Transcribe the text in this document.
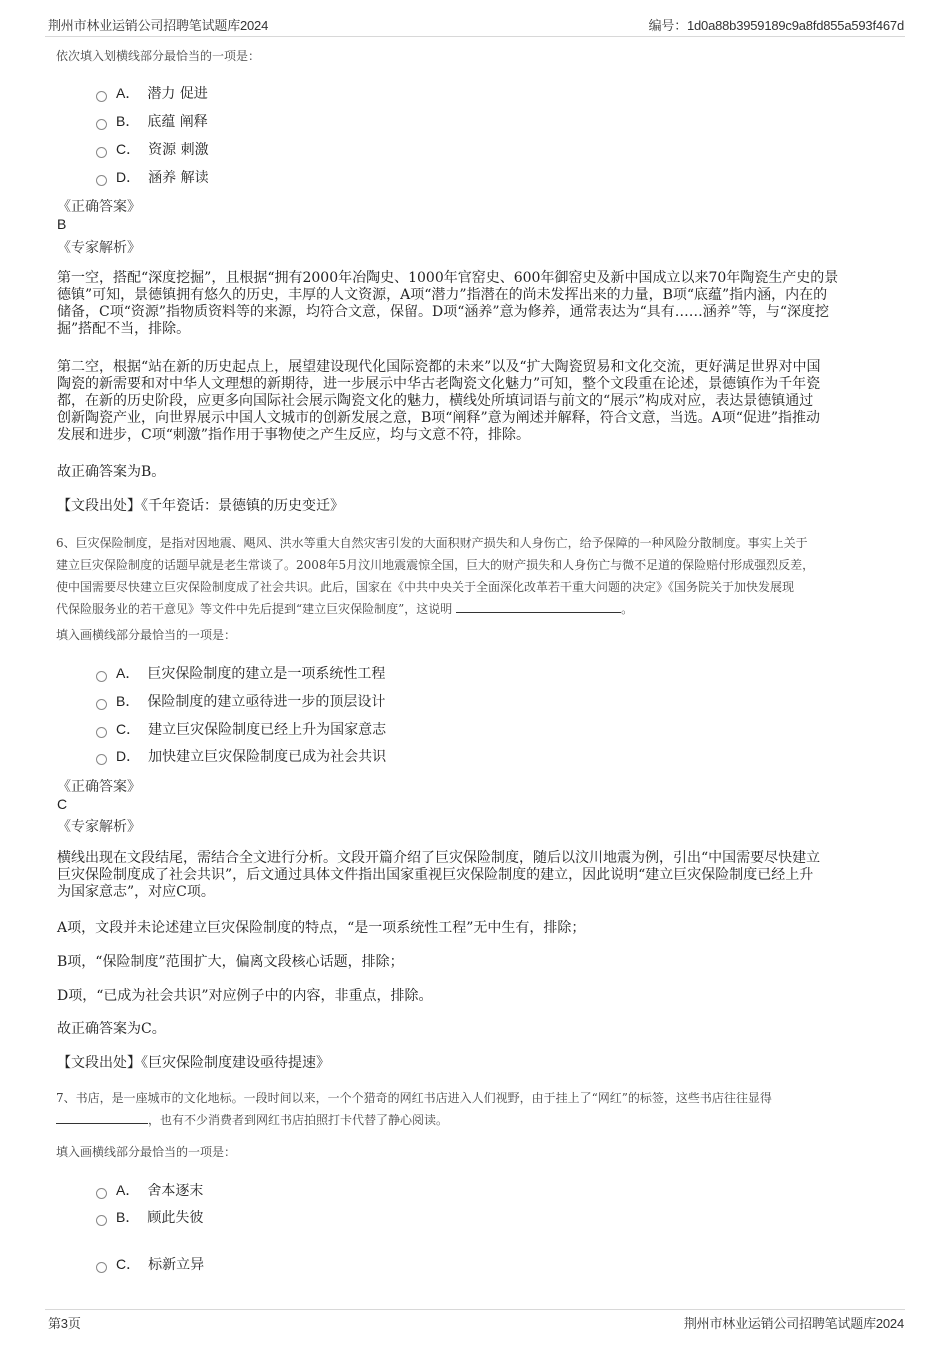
荆州市林业运销公司招聘笔试题库2024	编号：1d0a88b3959189c9a8fd855a593f467d
依次填入划横线部分最恰当的一项是：
A． 潜力 促进
B． 底蕴 阐释
C． 资源 刺激
D． 涵养 解读
《正确答案》
B
《专家解析》
第一空，搭配“深度挖掘”，且根据“拥有2000年冶陶史、1000年官窑史、600年御窑史及新中国成立以来70年陶瓷生产史的景
德镇”可知，景德镇拥有悠久的历史，丰厚的人文资源，A项“潜力”指潜在的尚未发挥出来的力量，B项“底蕴”指内涵，内在的
储备，C项“资源”指物质资料等的来源，均符合文意，保留。D项“涵养”意为修养，通常表达为“具有……涵养”等，与“深度挖
掘”搭配不当，排除。
第二空，根据“站在新的历史起点上，展望建设现代化国际瓷都的未来”以及“扩大陶瓷贸易和文化交流，更好满足世界对中国
陶瓷的新需要和对中华人文理想的新期待，进一步展示中华古老陶瓷文化魅力”可知，整个文段重在论述，景德镇作为千年瓷
都，在新的历史阶段，应更多向国际社会展示陶瓷文化的魅力，横线处所填词语与前文的“展示”构成对应，表达景德镇通过
创新陶瓷产业，向世界展示中国人文城市的创新发展之意，B项“阐释”意为阐述并解释，符合文意，当选。A项“促进”指推动
发展和进步，C项“刺激”指作用于事物使之产生反应，均与文意不符，排除。
故正确答案为B。
【文段出处】《千年瓷话：景德镇的历史变迁》
6、巨灾保险制度，是指对因地震、飓风、洪水等重大自然灾害引发的大面积财产损失和人身伤亡，给予保障的一种风险分散制度。事实上关于
建立巨灾保险制度的话题早就是老生常谈了。2008年5月汶川地震震惊全国，巨大的财产损失和人身伤亡与微不足道的保险赔付形成强烈反差，
使中国需要尽快建立巨灾保险制度成了社会共识。此后，国家在《中共中央关于全面深化改革若干重大问题的决定》《国务院关于加快发展现
代保险服务业的若干意见》等文件中先后提到“建立巨灾保险制度”，这说明	。
填入画横线部分最恰当的一项是：
A． 巨灾保险制度的建立是一项系统性工程
B． 保险制度的建立亟待进一步的顶层设计
C． 建立巨灾保险制度已经上升为国家意志
D． 加快建立巨灾保险制度已成为社会共识
《正确答案》
C
《专家解析》
横线出现在文段结尾，需结合全文进行分析。文段开篇介绍了巨灾保险制度，随后以汶川地震为例，引出“中国需要尽快建立
巨灾保险制度成了社会共识”，后文通过具体文件指出国家重视巨灾保险制度的建立，因此说明“建立巨灾保险制度已经上升
为国家意志”，对应C项。
A项，文段并未论述建立巨灾保险制度的特点，“是一项系统性工程”无中生有，排除；
B项，“保险制度”范围扩大，偏离文段核心话题，排除；
D项，“已成为社会共识”对应例子中的内容，非重点，排除。
故正确答案为C。
【文段出处】《巨灾保险制度建设亟待提速》
7、书店，是一座城市的文化地标。一段时间以来，一个个猎奇的网红书店进入人们视野，由于挂上了“网红”的标签，这些书店往往显得
，也有不少消费者到网红书店拍照打卡代替了静心阅读。
填入画横线部分最恰当的一项是：
A． 舍本逐末
B． 顾此失彼
C． 标新立异
第3页	荆州市林业运销公司招聘笔试题库2024
